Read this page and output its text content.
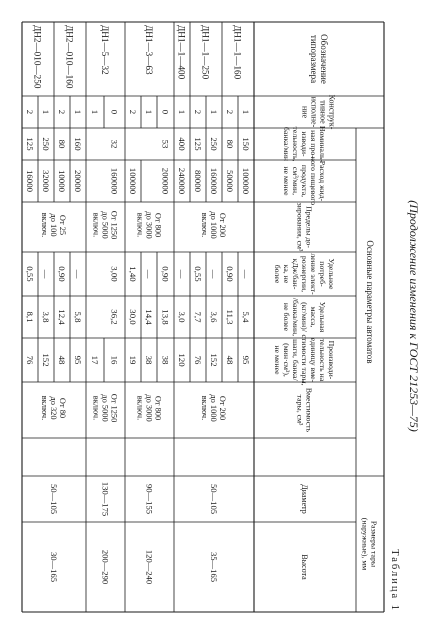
(Продолжение изменения к ГОСТ 21253—75)
Таблица 1
Обозначение
типоразмера
Конструк-
тивное
исполне-
ние
Основные параметры автоматов
Номиналь-
ная про-
изводи-
тельность,
банка/мин
Расход жид-
кого пищевого
продукта,
см³/мин,
не менее
Пределы до-
зирования, см³
Удельное
потреб-
ление элект-
роэнергии,
кДж/бан-
ка, не
более
Удельная
масса,
(кг/мин)/
/банка/мин,
не более
Производи-
тельность на
единицу вме-
стимости тары,
шаги, банка/
(мин·см³),
не менее
Вместимость
тары, см³
Размеры тары
(наружные), мм
Диаметр
Высота
ДН1—1—160
ДН1—1—250
ДН1—1—400
ДН1—3—63
ДН1—5—32
ДН2—010—160
ДН2—010—250
1
150
100000
—
5,4
95
2
80
50000
0,90
11,3
48
1
250
160000
—
3,6
152
2
125
80000
0,55
7,7
76
1
400
240000
—
3,0
120
0
53
200000
0,90
13,8
38
1
—
14,4
38
2
100000
1,40
30,0
19
0
32
160000
3,00
36,2
16
1
17
1
160
20000
—
5,8
95
2
80
10000
0,90
12,4
48
1
250
32000
—
3,8
152
2
125
16000
0,55
8,1
76
От 200
до 1000
включ.
От 800
до 3000
включ.
От 1250
до 5000
включ.
От 25
до 100
включ.
От 200
до 1000
включ.
50—105
35—165
От 800
до 3000
включ.
90—155
120—240
От 1250
до 5000
включ.
130—175
200—290
От 80
до 320
включ.
50—105
30—165
